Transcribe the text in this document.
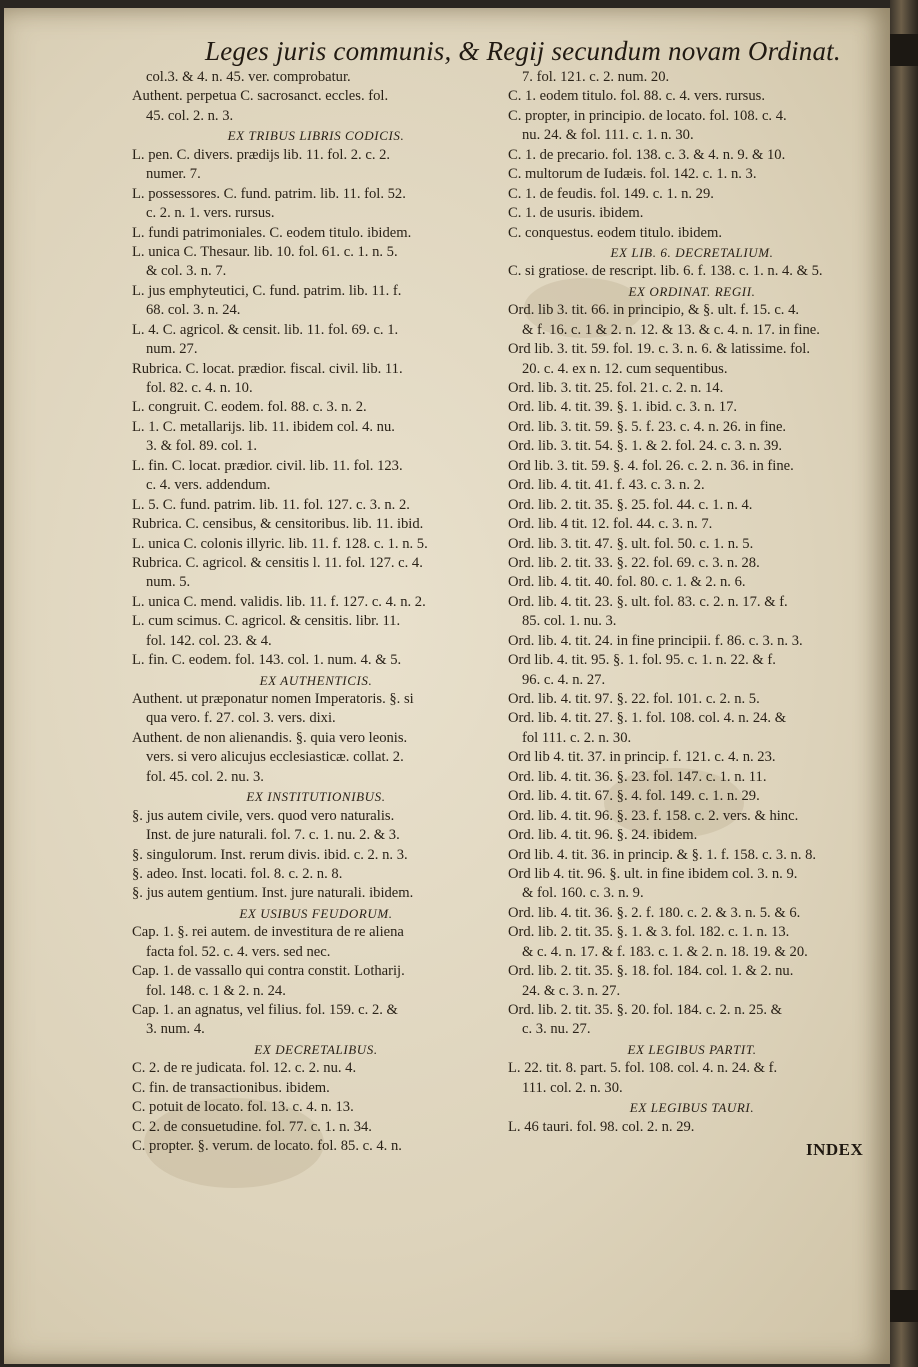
Leges juris communis, & Regij secundum novam Ordinat.
col.3. & 4. n. 45. ver. comprobatur.
Authent. perpetua C. sacrosanct. eccles. fol.
45. col. 2. n. 3.
EX TRIBUS LIBRIS CODICIS.
L. pen. C. divers. prædijs lib. 11. fol. 2. c. 2.
numer. 7.
L. possessores. C. fund. patrim. lib. 11. fol. 52.
c. 2. n. 1. vers. rursus.
L. fundi patrimoniales. C. eodem titulo. ibidem.
L. unica C. Thesaur. lib. 10. fol. 61. c. 1. n. 5.
& col. 3. n. 7.
L. jus emphyteutici, C. fund. patrim. lib. 11. f.
68. col. 3. n. 24.
L. 4. C. agricol. & censit. lib. 11. fol. 69. c. 1.
num. 27.
Rubrica. C. locat. prædior. fiscal. civil. lib. 11.
fol. 82. c. 4. n. 10.
L. congruit. C. eodem. fol. 88. c. 3. n. 2.
L. 1. C. metallarijs. lib. 11. ibidem col. 4. nu.
3. & fol. 89. col. 1.
L. fin. C. locat. prædior. civil. lib. 11. fol. 123.
c. 4. vers. addendum.
L. 5. C. fund. patrim. lib. 11. fol. 127. c. 3. n. 2.
Rubrica. C. censibus, & censitoribus. lib. 11. ibid.
L. unica C. colonis illyric. lib. 11. f. 128. c. 1. n. 5.
Rubrica. C. agricol. & censitis l. 11. fol. 127. c. 4.
num. 5.
L. unica C. mend. validis. lib. 11. f. 127. c. 4. n. 2.
L. cum scimus. C. agricol. & censitis. libr. 11.
fol. 142. col. 23. & 4.
L. fin. C. eodem. fol. 143. col. 1. num. 4. & 5.
EX AUTHENTICIS.
Authent. ut præponatur nomen Imperatoris. §. si
qua vero. f. 27. col. 3. vers. dixi.
Authent. de non alienandis. §. quia vero leonis.
vers. si vero alicujus ecclesiasticæ. collat. 2.
fol. 45. col. 2. nu. 3.
EX INSTITUTIONIBUS.
§. jus autem civile, vers. quod vero naturalis.
Inst. de jure naturali. fol. 7. c. 1. nu. 2. & 3.
§. singulorum. Inst. rerum divis. ibid. c. 2. n. 3.
§. adeo. Inst. locati. fol. 8. c. 2. n. 8.
§. jus autem gentium. Inst. jure naturali. ibidem.
EX USIBUS FEUDORUM.
Cap. 1. §. rei autem. de investitura de re aliena
facta fol. 52. c. 4. vers. sed nec.
Cap. 1. de vassallo qui contra constit. Lotharij.
fol. 148. c. 1 & 2. n. 24.
Cap. 1. an agnatus, vel filius. fol. 159. c. 2. &
3. num. 4.
EX DECRETALIBUS.
C. 2. de re judicata. fol. 12. c. 2. nu. 4.
C. fin. de transactionibus. ibidem.
C. potuit de locato. fol. 13. c. 4. n. 13.
C. 2. de consuetudine. fol. 77. c. 1. n. 34.
C. propter. §. verum. de locato. fol. 85. c. 4. n.
7. fol. 121. c. 2. num. 20.
C. 1. eodem titulo. fol. 88. c. 4. vers. rursus.
C. propter, in principio. de locato. fol. 108. c. 4.
nu. 24. & fol. 111. c. 1. n. 30.
C. 1. de precario. fol. 138. c. 3. & 4. n. 9. & 10.
C. multorum de Iudæis. fol. 142. c. 1. n. 3.
C. 1. de feudis. fol. 149. c. 1. n. 29.
C. 1. de usuris. ibidem.
C. conquestus. eodem titulo. ibidem.
EX LIB. 6. DECRETALIUM.
C. si gratiose. de rescript. lib. 6. f. 138. c. 1. n. 4. & 5.
EX ORDINAT. REGII.
Ord. lib 3. tit. 66. in principio, & §. ult. f. 15. c. 4.
& f. 16. c. 1 & 2. n. 12. & 13. & c. 4. n. 17. in fine.
Ord lib. 3. tit. 59. fol. 19. c. 3. n. 6. & latissime. fol.
20. c. 4. ex n. 12. cum sequentibus.
Ord. lib. 3. tit. 25. fol. 21. c. 2. n. 14.
Ord. lib. 4. tit. 39. §. 1. ibid. c. 3. n. 17.
Ord. lib. 3. tit. 59. §. 5. f. 23. c. 4. n. 26. in fine.
Ord. lib. 3. tit. 54. §. 1. & 2. fol. 24. c. 3. n. 39.
Ord lib. 3. tit. 59. §. 4. fol. 26. c. 2. n. 36. in fine.
Ord. lib. 4. tit. 41. f. 43. c. 3. n. 2.
Ord. lib. 2. tit. 35. §. 25. fol. 44. c. 1. n. 4.
Ord. lib. 4 tit. 12. fol. 44. c. 3. n. 7.
Ord. lib. 3. tit. 47. §. ult. fol. 50. c. 1. n. 5.
Ord. lib. 2. tit. 33. §. 22. fol. 69. c. 3. n. 28.
Ord. lib. 4. tit. 40. fol. 80. c. 1. & 2. n. 6.
Ord. lib. 4. tit. 23. §. ult. fol. 83. c. 2. n. 17. & f.
85. col. 1. nu. 3.
Ord. lib. 4. tit. 24. in fine principii. f. 86. c. 3. n. 3.
Ord lib. 4. tit. 95. §. 1. fol. 95. c. 1. n. 22. & f.
96. c. 4. n. 27.
Ord. lib. 4. tit. 97. §. 22. fol. 101. c. 2. n. 5.
Ord. lib. 4. tit. 27. §. 1. fol. 108. col. 4. n. 24. &
fol 111. c. 2. n. 30.
Ord lib 4. tit. 37. in princip. f. 121. c. 4. n. 23.
Ord. lib. 4. tit. 36. §. 23. fol. 147. c. 1. n. 11.
Ord. lib. 4. tit. 67. §. 4. fol. 149. c. 1. n. 29.
Ord. lib. 4. tit. 96. §. 23. f. 158. c. 2. vers. & hinc.
Ord. lib. 4. tit. 96. §. 24. ibidem.
Ord lib. 4. tit. 36. in princip. & §. 1. f. 158. c. 3. n. 8.
Ord lib 4. tit. 96. §. ult. in fine ibidem col. 3. n. 9.
& fol. 160. c. 3. n. 9.
Ord. lib. 4. tit. 36. §. 2. f. 180. c. 2. & 3. n. 5. & 6.
Ord. lib. 2. tit. 35. §. 1. & 3. fol. 182. c. 1. n. 13.
& c. 4. n. 17. & f. 183. c. 1. & 2. n. 18. 19. & 20.
Ord. lib. 2. tit. 35. §. 18. fol. 184. col. 1. & 2. nu.
24. & c. 3. n. 27.
Ord. lib. 2. tit. 35. §. 20. fol. 184. c. 2. n. 25. &
c. 3. nu. 27.
EX LEGIBUS PARTIT.
L. 22. tit. 8. part. 5. fol. 108. col. 4. n. 24. & f.
111. col. 2. n. 30.
EX LEGIBUS TAURI.
L. 46 tauri. fol. 98. col. 2. n. 29.
INDEX
